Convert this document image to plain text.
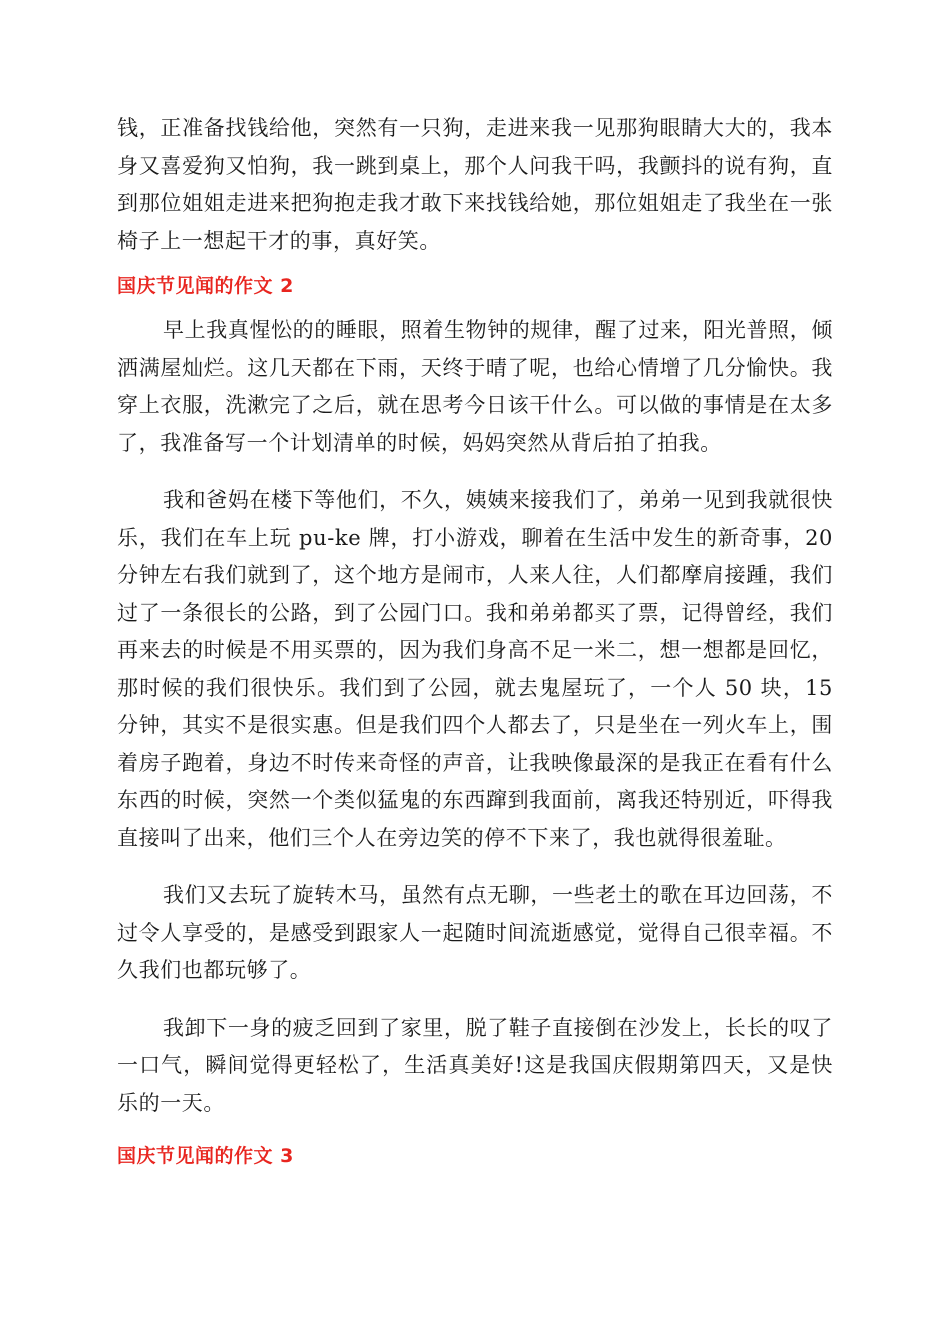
钱，正准备找钱给他，突然有一只狗，走进来我一见那狗眼睛大大的，我本身又喜爱狗又怕狗，我一跳到桌上，那个人问我干吗，我颤抖的说有狗，直到那位姐姐走进来把狗抱走我才敢下来找钱给她，那位姐姐走了我坐在一张椅子上一想起干才的事，真好笑。

国庆节见闻的作文 2

早上我真惺忪的的睡眼，照着生物钟的规律，醒了过来，阳光普照，倾洒满屋灿烂。这几天都在下雨，天终于晴了呢，也给心情增了几分愉快。我穿上衣服，洗漱完了之后，就在思考今日该干什么。可以做的事情是在太多了，我准备写一个计划清单的时候，妈妈突然从背后拍了拍我。

我和爸妈在楼下等他们，不久，姨姨来接我们了，弟弟一见到我就很快乐，我们在车上玩 pu-ke 牌，打小游戏，聊着在生活中发生的新奇事，20 分钟左右我们就到了，这个地方是闹市，人来人往，人们都摩肩接踵，我们过了一条很长的公路，到了公园门口。我和弟弟都买了票，记得曾经，我们再来去的时候是不用买票的，因为我们身高不足一米二，想一想都是回忆，那时候的我们很快乐。我们到了公园，就去鬼屋玩了，一个人 50 块，15 分钟，其实不是很实惠。但是我们四个人都去了，只是坐在一列火车上，围着房子跑着，身边不时传来奇怪的声音，让我映像最深的是我正在看有什么东西的时候，突然一个类似猛鬼的东西蹿到我面前，离我还特别近，吓得我直接叫了出来，他们三个人在旁边笑的停不下来了，我也就得很羞耻。

我们又去玩了旋转木马，虽然有点无聊，一些老土的歌在耳边回荡，不过令人享受的，是感受到跟家人一起随时间流逝感觉，觉得自己很幸福。不久我们也都玩够了。

我卸下一身的疲乏回到了家里，脱了鞋子直接倒在沙发上，长长的叹了一口气，瞬间觉得更轻松了，生活真美好!这是我国庆假期第四天，又是快乐的一天。

国庆节见闻的作文 3
